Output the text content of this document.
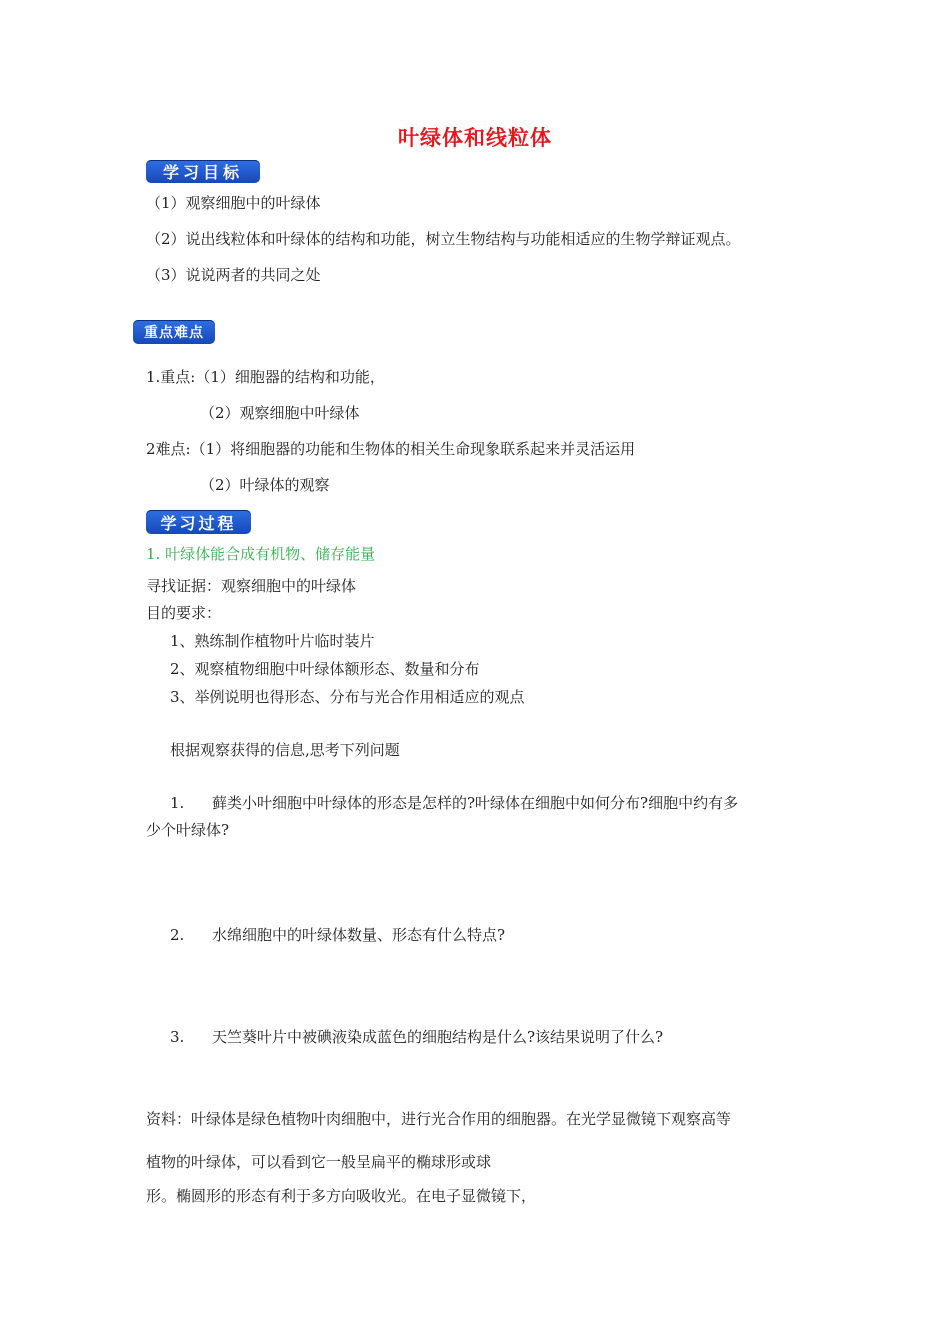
叶绿体和线粒体
学习目标
（1）观察细胞中的叶绿体
（2）说出线粒体和叶绿体的结构和功能，树立生物结构与功能相适应的生物学辩证观点。
（3）说说两者的共同之处
重点难点
1.重点:（1）细胞器的结构和功能，
（2）观察细胞中叶绿体
2难点:（1）将细胞器的功能和生物体的相关生命现象联系起来并灵活运用
（2）叶绿体的观察
学习过程
1. 叶绿体能合成有机物、储存能量
寻找证据：观察细胞中的叶绿体
目的要求：
1、熟练制作植物叶片临时装片
2、观察植物细胞中叶绿体额形态、数量和分布
3、举例说明也得形态、分布与光合作用相适应的观点
根据观察获得的信息,思考下列问题
1. 藓类小叶细胞中叶绿体的形态是怎样的?叶绿体在细胞中如何分布?细胞中约有多
少个叶绿体?
2. 水绵细胞中的叶绿体数量、形态有什么特点?
3. 天竺葵叶片中被碘液染成蓝色的细胞结构是什么?该结果说明了什么?
资料：叶绿体是绿色植物叶肉细胞中，进行光合作用的细胞器。在光学显微镜下观察高等
植物的叶绿体，可以看到它一般呈扁平的椭球形或球
形。椭圆形的形态有利于多方向吸收光。在电子显微镜下，
